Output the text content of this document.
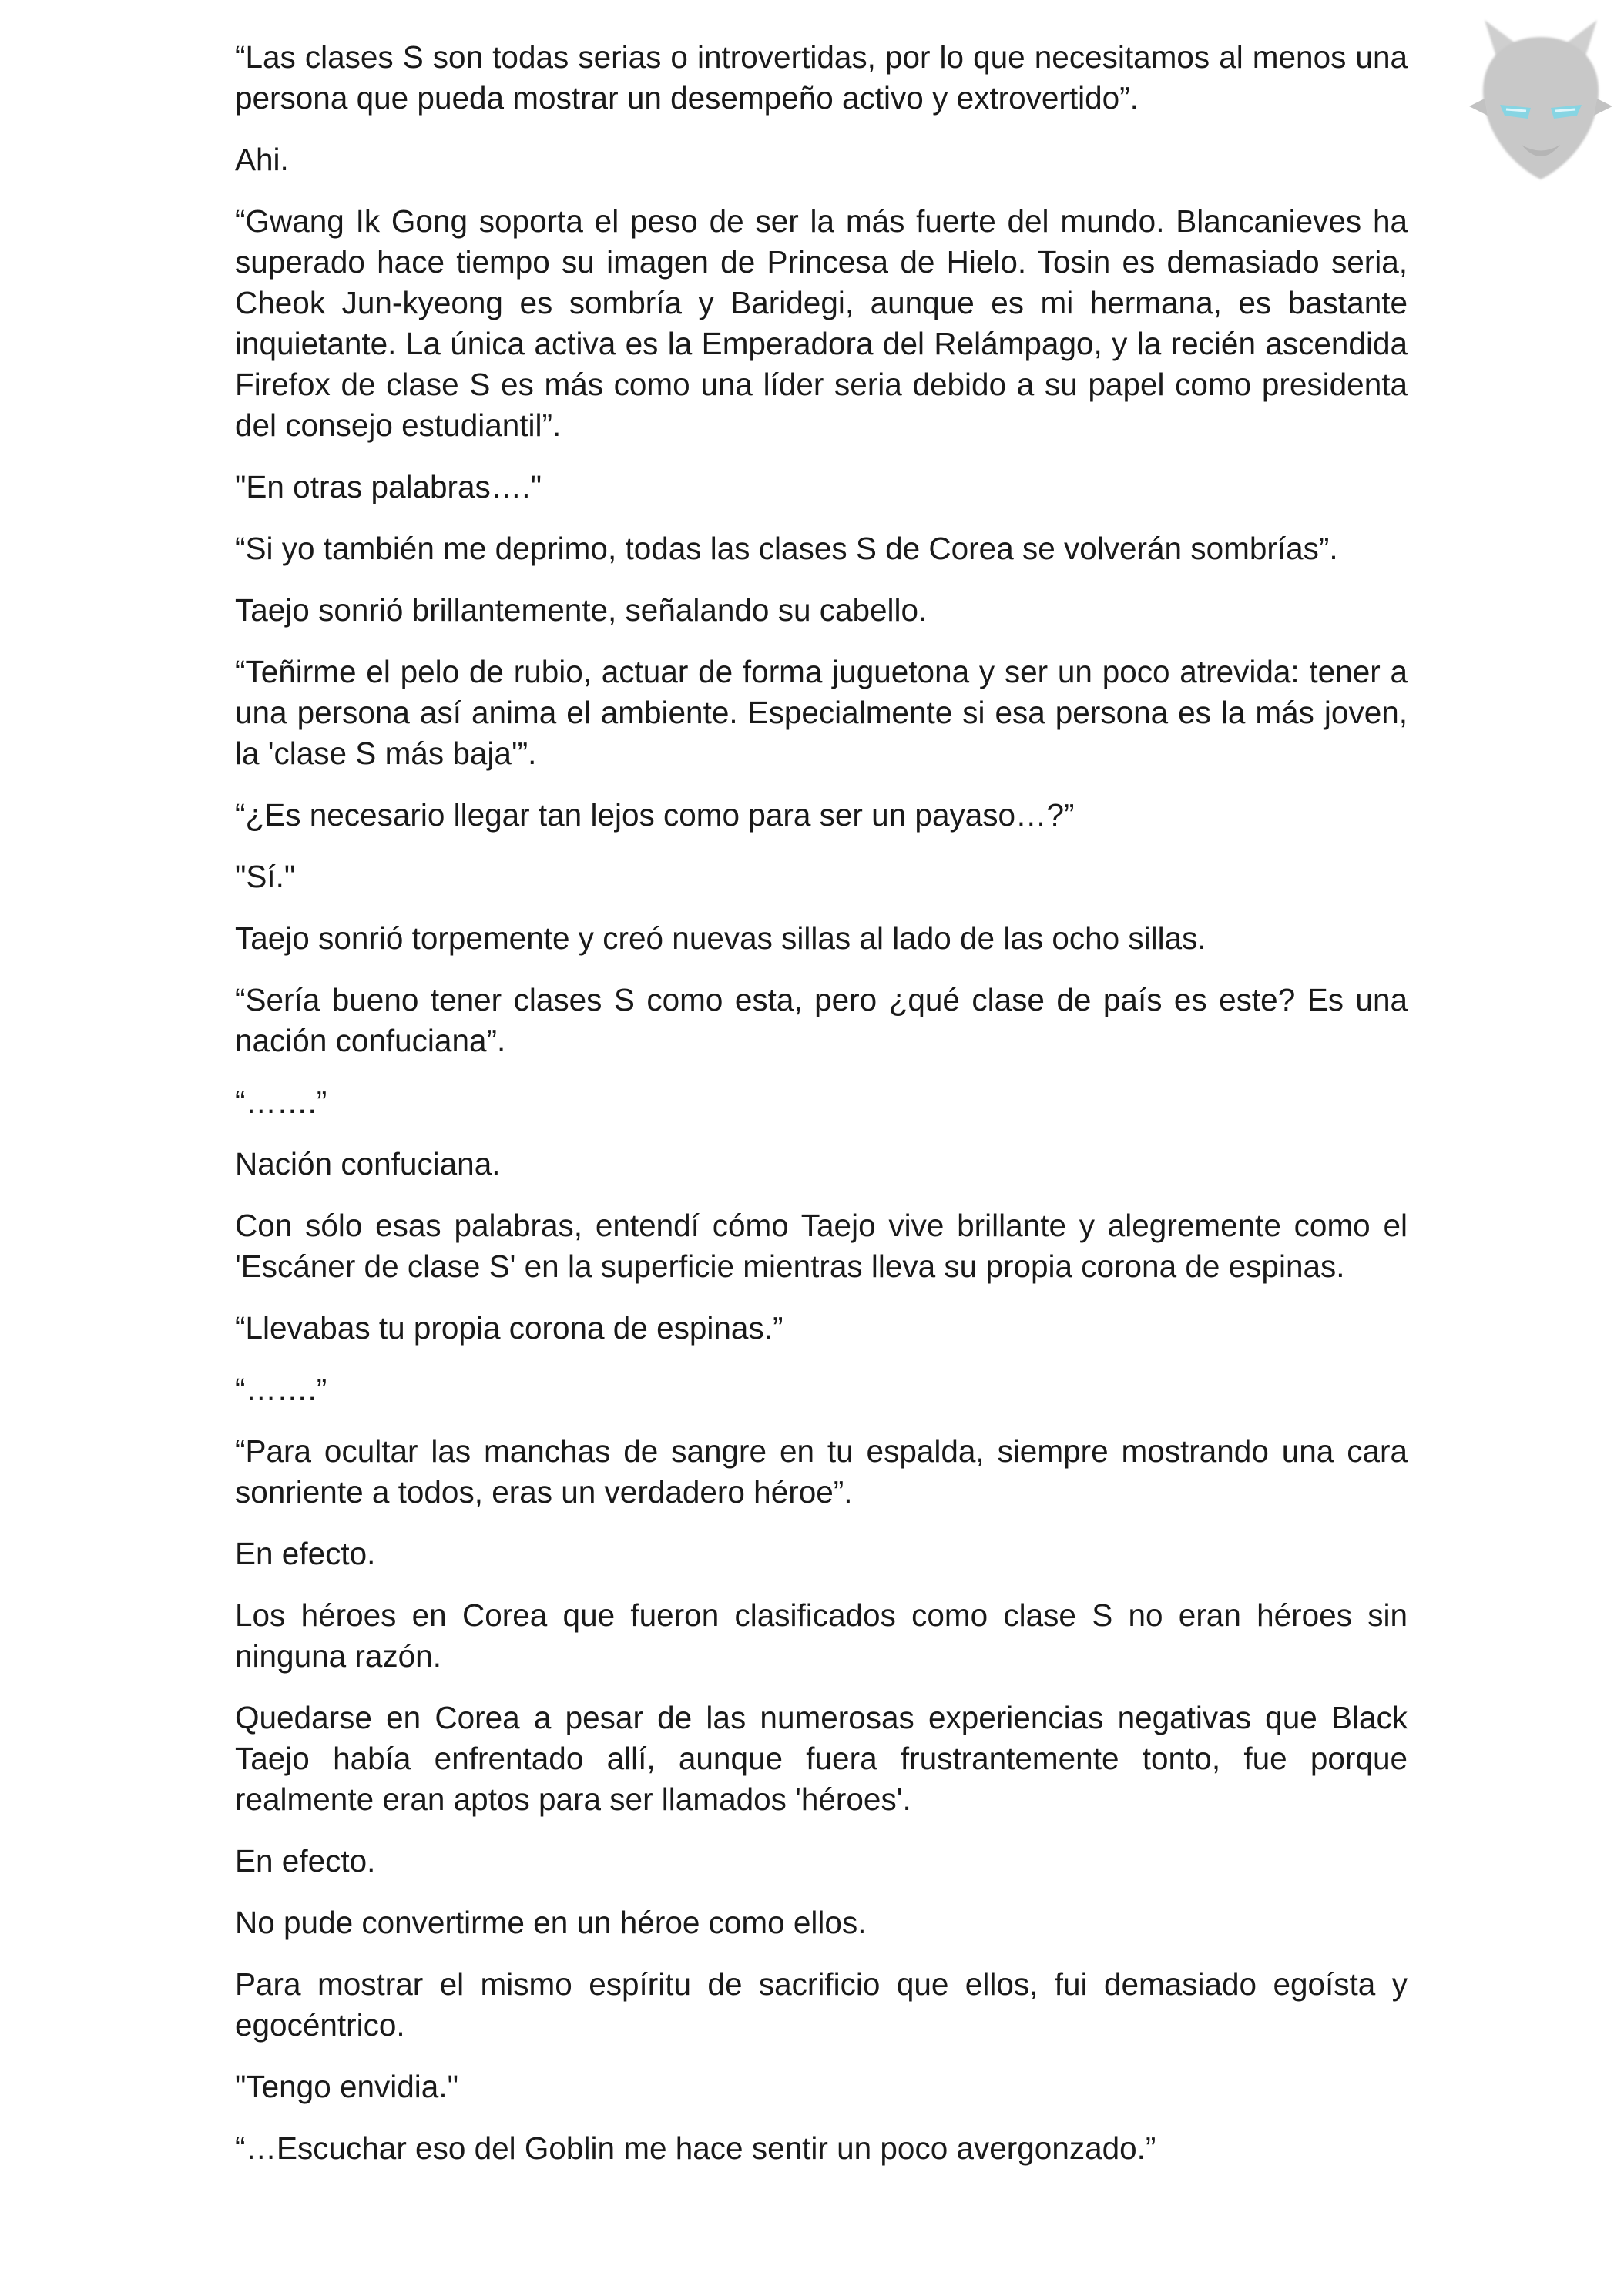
“Las clases S son todas serias o introvertidas, por lo que necesitamos al menos una persona que pueda mostrar un desempeño activo y extrovertido”.

Ahi.

“Gwang Ik Gong soporta el peso de ser la más fuerte del mundo. Blancanieves ha superado hace tiempo su imagen de Princesa de Hielo. Tosin es demasiado seria, Cheok Jun-kyeong es sombría y Baridegi, aunque es mi hermana, es bastante inquietante. La única activa es la Emperadora del Relámpago, y la recién ascendida Firefox de clase S es más como una líder seria debido a su papel como presidenta del consejo estudiantil”.

"En otras palabras…."

“Si yo también me deprimo, todas las clases S de Corea se volverán sombrías”.

Taejo sonrió brillantemente, señalando su cabello.

“Teñirme el pelo de rubio, actuar de forma juguetona y ser un poco atrevida: tener a una persona así anima el ambiente. Especialmente si esa persona es la más joven, la 'clase S más baja'”.

“¿Es necesario llegar tan lejos como para ser un payaso…?”

"Sí."

Taejo sonrió torpemente y creó nuevas sillas al lado de las ocho sillas.

“Sería bueno tener clases S como esta, pero ¿qué clase de país es este? Es una nación confuciana”.

“…….”

Nación confuciana.

Con sólo esas palabras, entendí cómo Taejo vive brillante y alegremente como el 'Escáner de clase S' en la superficie mientras lleva su propia corona de espinas.

“Llevabas tu propia corona de espinas.”

“…….”

“Para ocultar las manchas de sangre en tu espalda, siempre mostrando una cara sonriente a todos, eras un verdadero héroe”.

En efecto.

Los héroes en Corea que fueron clasificados como clase S no eran héroes sin ninguna razón.

Quedarse en Corea a pesar de las numerosas experiencias negativas que Black Taejo había enfrentado allí, aunque fuera frustrantemente tonto, fue porque realmente eran aptos para ser llamados 'héroes'.

En efecto.

No pude convertirme en un héroe como ellos.

Para mostrar el mismo espíritu de sacrificio que ellos, fui demasiado egoísta y egocéntrico.

"Tengo envidia."

“…Escuchar eso del Goblin me hace sentir un poco avergonzado.”
